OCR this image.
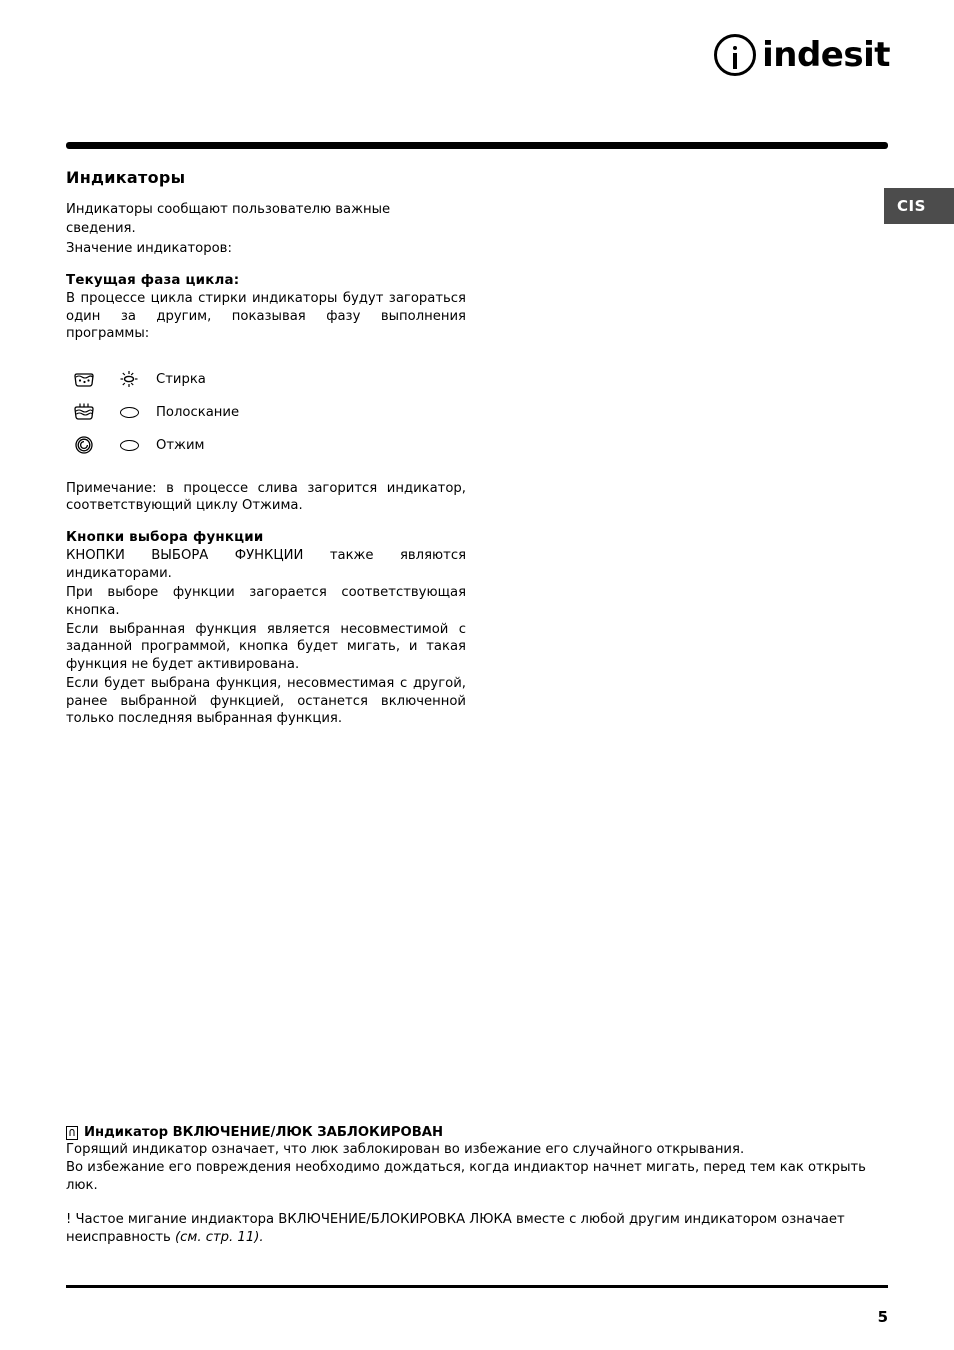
indesit
CIS
Индикаторы

Индикаторы сообщают пользователю важные

сведения.

Значение индикаторов:

Текущая фаза цикла:

В процессе цикла стирки индикаторы будут загораться один за другим, показывая фазу выполнения программы:

Стирка
Полоскание
Отжим

Примечание: в процессе слива загорится индикатор, соответствующий циклу Отжима.

Кнопки выбора функции

КНОПКИ ВЫБОРА ФУНКЦИИ также являются индикаторами.

При выборе функции загорается соответствующая кнопка.

Если выбранная функция является несовместимой с заданной программой, кнопка будет мигать, и такая функция не будет активирована.

Если будет выбрана функция, несовместимая с другой, ранее выбранной функцией, останется включенной только последняя выбранная функция.

Индикатор ВКЛЮЧЕНИЕ/ЛЮК ЗАБЛОКИРОВАН

Горящий индикатор означает, что люк заблокирован во избежание его случайного открывания.

Во избежание его повреждения необходимо дождаться, когда индиактор начнет мигать, перед тем как открыть люк.

! Частое мигание индиактора ВКЛЮЧЕНИЕ/БЛОКИРОВКА ЛЮКА вместе с любой другим индикатором означает неисправность (см. стр. 11).

5
